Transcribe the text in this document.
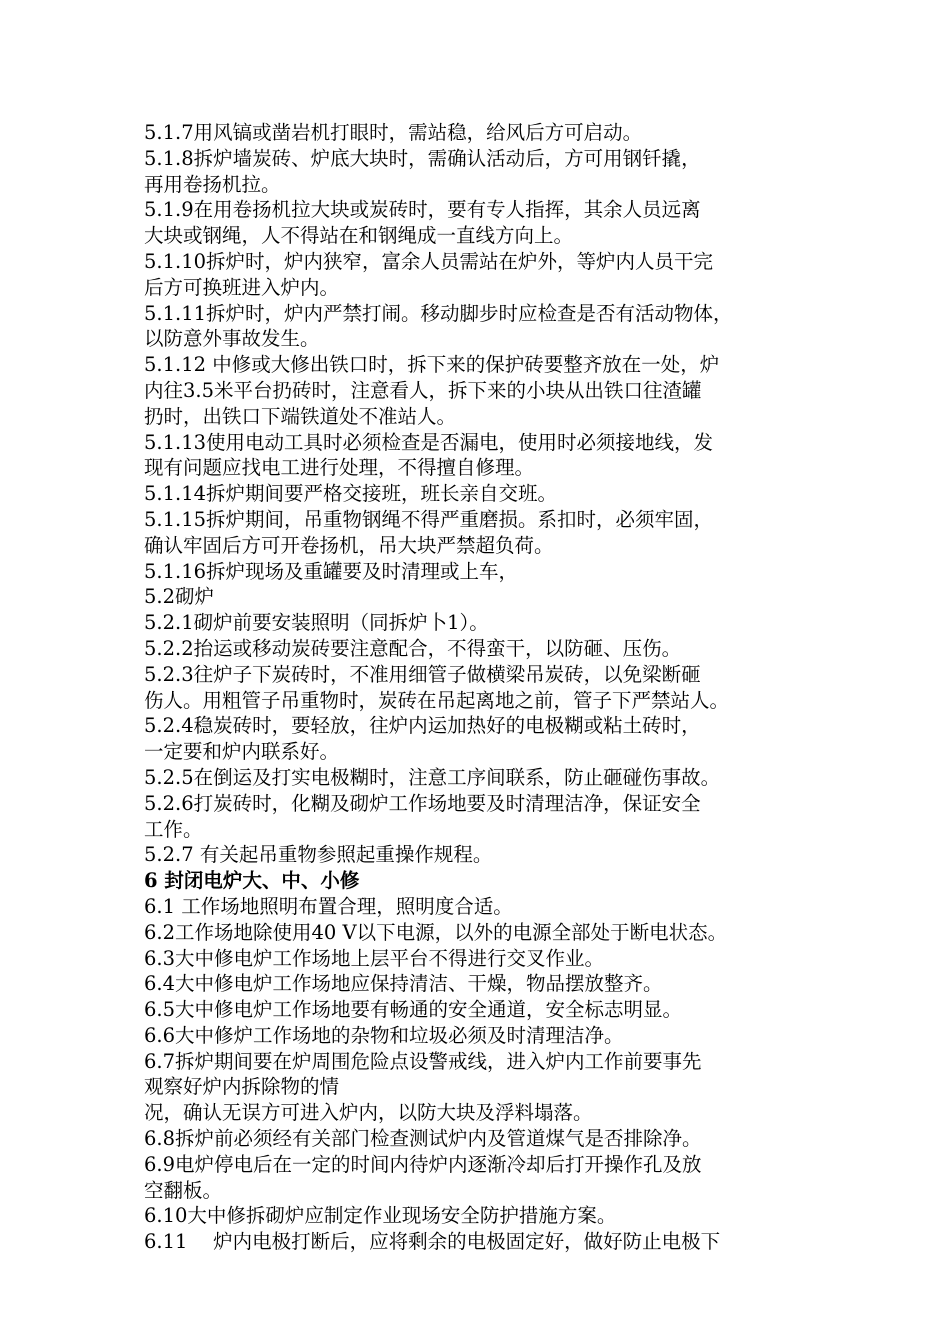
5.1.7用风镐或凿岩机打眼时，需站稳，给风后方可启动。
5.1.8拆炉墙炭砖、炉底大块时，需确认活动后，方可用钢钎撬，
再用卷扬机拉。
5.1.9在用卷扬机拉大块或炭砖时，要有专人指挥，其余人员远离
大块或钢绳，人不得站在和钢绳成一直线方向上。
5.1.10拆炉时，炉内狭窄，富余人员需站在炉外，等炉内人员干完
后方可换班进入炉内。
5.1.11拆炉时，炉内严禁打闹。移动脚步时应检查是否有活动物体，
以防意外事故发生。
5.1.12 中修或大修出铁口时，拆下来的保护砖要整齐放在一处，炉
内往3.5米平台扔砖时，注意看人，拆下来的小块从出铁口往渣罐
扔时，出铁口下端铁道处不准站人。
5.1.13使用电动工具时必须检查是否漏电，使用时必须接地线，发
现有问题应找电工进行处理，不得擅自修理。
5.1.14拆炉期间要严格交接班，班长亲自交班。
5.1.15拆炉期间，吊重物钢绳不得严重磨损。系扣时，必须牢固，
确认牢固后方可开卷扬机，吊大块严禁超负荷。
5.1.16拆炉现场及重罐要及时清理或上车，
5.2砌炉
5.2.1砌炉前要安装照明（同拆炉卜1）。
5.2.2抬运或移动炭砖要注意配合，不得蛮干，以防砸、压伤。
5.2.3往炉子下炭砖时，不准用细管子做横梁吊炭砖，以免梁断砸
伤人。用粗管子吊重物时，炭砖在吊起离地之前，管子下严禁站人。
5.2.4稳炭砖时，要轻放，往炉内运加热好的电极糊或粘土砖时，
一定要和炉内联系好。
5.2.5在倒运及打实电极糊时，注意工序间联系，防止砸碰伤事故。
5.2.6打炭砖时，化糊及砌炉工作场地要及时清理洁净，保证安全
工作。
5.2.7 有关起吊重物参照起重操作规程。
6 封闭电炉大、中、小修
6.1 工作场地照明布置合理，照明度合适。
6.2工作场地除使用40 V以下电源，以外的电源全部处于断电状态。
6.3大中修电炉工作场地上层平台不得进行交叉作业。
6.4大中修电炉工作场地应保持清洁、干燥，物品摆放整齐。
6.5大中修电炉工作场地要有畅通的安全通道，安全标志明显。
6.6大中修炉工作场地的杂物和垃圾必须及时清理洁净。
6.7拆炉期间要在炉周围危险点设警戒线，进入炉内工作前要事先
观察好炉内拆除物的情
况，确认无误方可进入炉内，以防大块及浮料塌落。
6.8拆炉前必须经有关部门检查测试炉内及管道煤气是否排除净。
6.9电炉停电后在一定的时间内待炉内逐渐冷却后打开操作孔及放
空翻板。
6.10大中修拆砌炉应制定作业现场安全防护措施方案。
6.11　 炉内电极打断后，应将剩余的电极固定好，做好防止电极下
